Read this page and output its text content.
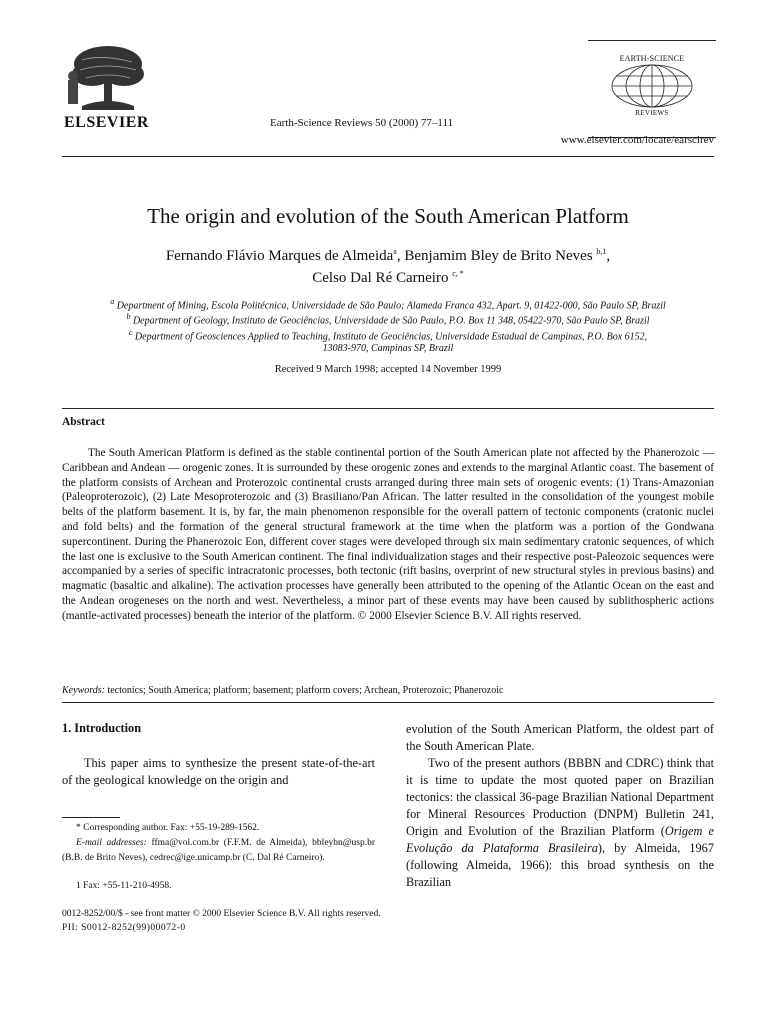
ELSEVIER	Earth-Science Reviews 50 (2000) 77–111
EARTH-SCIENCE
REVIEWS
www.elsevier.com/locate/earscirev
The origin and evolution of the South American Platform
Fernando Flávio Marques de Almeida$^a$, Benjamim Bley de Brito Neves $^{b,1}$,
Celso Dal Ré Carneiro $^{c, *}$
$^a$ Department of Mining, Escola Politécnica, Universidade de São Paulo; Alameda Franca 432, Apart. 9, 01422-000, São Paulo SP, Brazil
$^b$ Department of Geology, Instituto de Geociências, Universidade de São Paulo, P.O. Box 11 348, 05422-970, São Paulo SP, Brazil
$^c$ Department of Geosciences Applied to Teaching, Instituto de Geociências, Universidade Estadual de Campinas, P.O. Box 6152,
13083-970, Campinas SP, Brazil
Received 9 March 1998; accepted 14 November 1999
Abstract

The South American Platform is defined as the stable continental portion of the South American plate not affected by the Phanerozoic — Caribbean and Andean — orogenic zones. It is surrounded by these orogenic zones and extends to the marginal Atlantic coast. The basement of the platform consists of Archean and Proterozoic continental crusts arranged during three main sets of orogenic events: (1) Trans-Amazonian (Paleoproterozoic), (2) Late Mesoproterozoic and (3) Brasiliano/Pan African. The latter resulted in the consolidation of the youngest mobile belts of the platform basement. It is, by far, the main phenomenon responsible for the overall pattern of tectonic components (cratonic nuclei and fold belts) and the formation of the general structural framework at the time when the platform was a portion of the Gondwana supercontinent. During the Phanerozoic Eon, different cover stages were developed through six main sedimentary cratonic sequences, of which the last one is exclusive to the South American continent. The final individualization stages and their respective post-Paleozoic sequences were accompanied by a series of specific intracratonic processes, both tectonic (rift basins, overprint of new structural styles in previous basins) and magmatic (basaltic and alkaline). The activation processes have generally been attributed to the opening of the Atlantic Ocean on the east and the Andean orogeneses on the north and west. Nevertheless, a minor part of these events may have been caused by sublithospheric actions (mantle-activated processes) beneath the interior of the platform. © 2000 Elsevier Science B.V. All rights reserved.

Keywords: tectonics; South America; platform; basement; platform covers; Archean, Proterozoic; Phanerozoic
1. Introduction

This paper aims to synthesize the present state-of-the-art of the geological knowledge on the origin and

evolution of the South American Platform, the oldest part of the South American Plate.

Two of the present authors (BBBN and CDRC) think that it is time to update the most quoted paper on Brazilian tectonics: the classical 36-page Brazilian National Department for Mineral Resources Production (DNPM) Bulletin 241, Origin and Evolution of the Brazilian Platform (Origem e Evolução da Plataforma Brasileira), by Almeida, 1967 (following Almeida, 1966): this broad synthesis on the Brazilian

* Corresponding author. Fax: +55-19-289-1562.

E-mail addresses: ffma@vol.com.br (F.F.M. de Almeida), bbleybn@usp.br (B.B. de Brito Neves), cedrec@ige.unicamp.br (C. Dal Ré Carneiro).

1 Fax: +55-11-210-4958.

0012-8252/00/$ - see front matter © 2000 Elsevier Science B.V. All rights reserved.
PII: S0012-8252(99)00072-0
